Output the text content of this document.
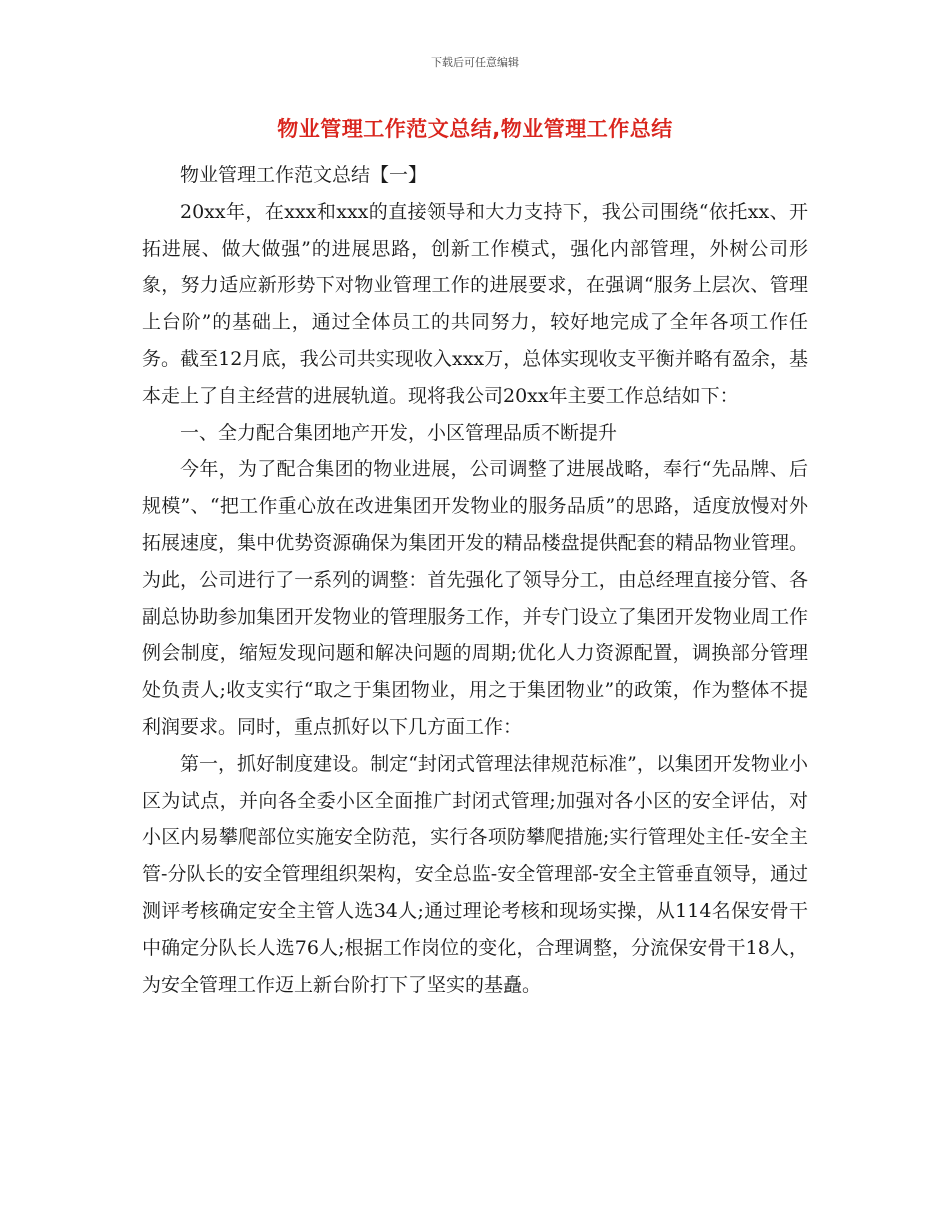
下载后可任意编辑
物业管理工作范文总结,物业管理工作总结

物业管理工作范文总结【一】

20xx年，在xxx和xxx的直接领导和大力支持下，我公司围绕“依托xx、开拓进展、做大做强”的进展思路，创新工作模式，强化内部管理，外树公司形象，努力适应新形势下对物业管理工作的进展要求，在强调“服务上层次、管理上台阶”的基础上，通过全体员工的共同努力，较好地完成了全年各项工作任务。截至12月底，我公司共实现收入xxx万，总体实现收支平衡并略有盈余，基本走上了自主经营的进展轨道。现将我公司20xx年主要工作总结如下：

一、全力配合集团地产开发，小区管理品质不断提升

今年，为了配合集团的物业进展，公司调整了进展战略，奉行“先品牌、后规模”、“把工作重心放在改进集团开发物业的服务品质”的思路，适度放慢对外拓展速度，集中优势资源确保为集团开发的精品楼盘提供配套的精品物业管理。为此，公司进行了一系列的调整：首先强化了领导分工，由总经理直接分管、各副总协助参加集团开发物业的管理服务工作，并专门设立了集团开发物业周工作例会制度，缩短发现问题和解决问题的周期;优化人力资源配置，调换部分管理处负责人;收支实行“取之于集团物业，用之于集团物业”的政策，作为整体不提利润要求。同时，重点抓好以下几方面工作：

第一，抓好制度建设。制定“封闭式管理法律规范标准”，以集团开发物业小区为试点，并向各全委小区全面推广封闭式管理;加强对各小区的安全评估，对小区内易攀爬部位实施安全防范，实行各项防攀爬措施;实行管理处主任-安全主管-分队长的安全管理组织架构，安全总监-安全管理部-安全主管垂直领导，通过测评考核确定安全主管人选34人;通过理论考核和现场实操，从114名保安骨干中确定分队长人选76人;根据工作岗位的变化，合理调整，分流保安骨干18人，为安全管理工作迈上新台阶打下了坚实的基矗。
